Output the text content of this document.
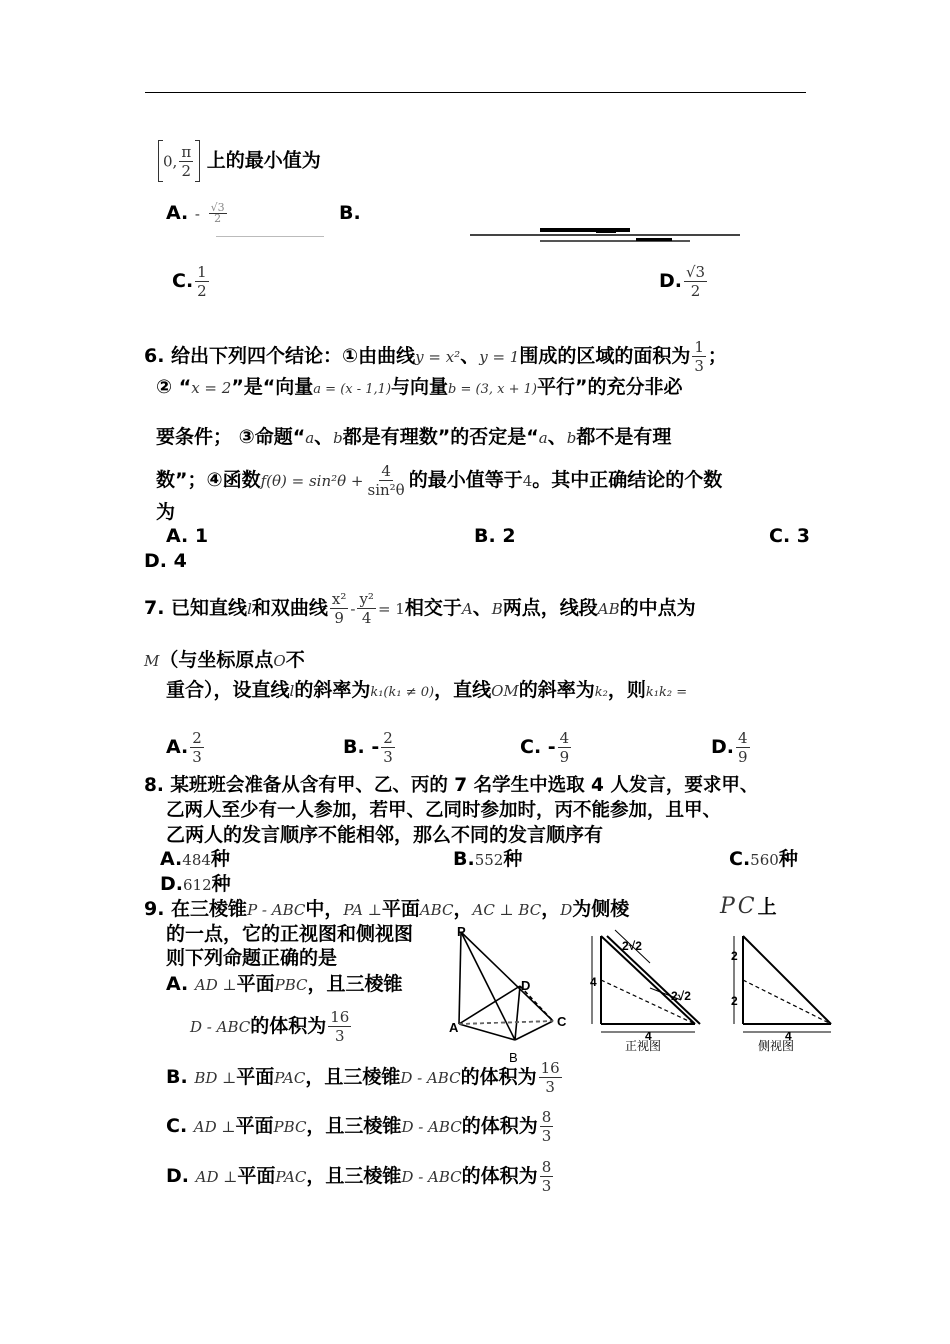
0, $\frac{\pi}{2}$ 上的最小值为
A. - $\frac{√3}{2}$	B.
C. $\frac{1}{2}$	D. $\frac{√3}{2}$
6. 给出下列四个结论：①由曲线y = x²、y = 1围成的区域的面积为 $\frac{1}{3}$ ；
② “x = 2”是“向量a = (x - 1,1)与向量b = (3, x + 1)平行”的充分非必
要条件； ③命题“a、b都是有理数”的否定是“a、b都不是有理
数”；④函数$f(\theta) = \sin^2\theta + \frac{4}{\text{sin²θ}}$ 的最小值等于4。其中正确结论的个数
为
A. 1	B. 2	C. 3
D. 4
7. 已知直线l和双曲线 $\frac{\text{x²}}{9} - \frac{\text{y²}}{4} = 1$相交于A、B两点，线段AB的中点为
M（与坐标原点O不
重合），设直线l的斜率为k₁(k₁ ≠ 0)，直线OM的斜率为k₂，则k₁k₂ =
A. $\frac{2}{3}$	B. - $\frac{2}{3}$	C. - $\frac{4}{9}$	D. $\frac{4}{9}$
8. 某班班会准备从含有甲、乙、丙的 7 名学生中选取 4 人发言，要求甲、
乙两人至少有一人参加，若甲、乙同时参加时，丙不能参加，且甲、
乙两人的发言顺序不能相邻，那么不同的发言顺序有
A.484种	B.552种	C.560种
D.612种
9. 在三棱锥P - ABC中，PA ⊥平面ABC，AC ⊥ BC，D为侧棱	PC上
的一点，它的正视图和侧视图
则下列命题正确的是
A. AD ⊥平面PBC，且三棱锥
D - ABC的体积为 $\frac{16}{3}$
P
A
B
C
D
2√2
2√2
4
4
正视图
2
2
4
侧视图
B. BD ⊥平面PAC，且三棱锥D - ABC的体积为 $\frac{16}{3}$
C. AD ⊥平面PBC，且三棱锥D - ABC的体积为 $\frac{8}{3}$
D. AD ⊥平面PAC，且三棱锥D - ABC的体积为 $\frac{8}{3}$
